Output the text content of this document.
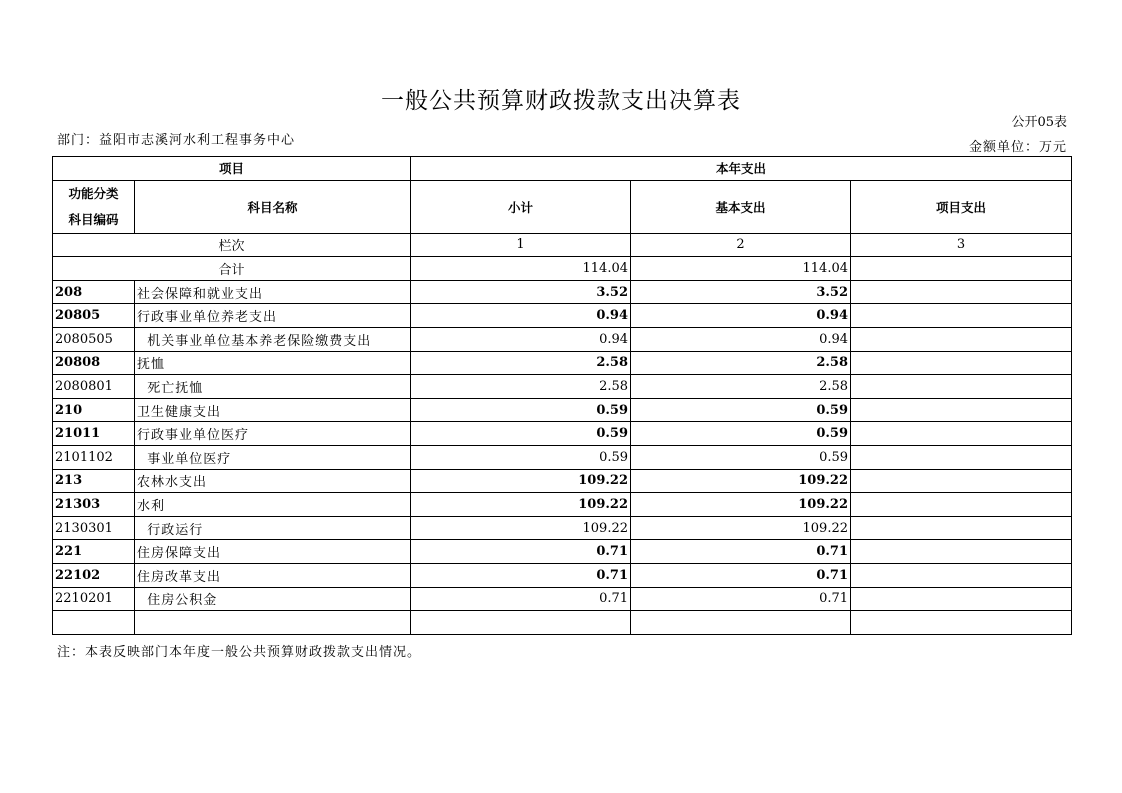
一般公共预算财政拨款支出决算表
公开05表
部门：益阳市志溪河水利工程事务中心	金额单位：万元
项目		本年支出		

功能分类
科目编码	科目名称	小计	基本支出	项目支出
栏次		1	2	3
合计		114.04	114.04	
208	社会保障和就业支出	3.52	3.52	
20805	行政事业单位养老支出	0.94	0.94	
2080505	机关事业单位基本养老保险缴费支出	0.94	0.94	
20808	抚恤	2.58	2.58	
2080801	死亡抚恤	2.58	2.58	
210	卫生健康支出	0.59	0.59	
21011	行政事业单位医疗	0.59	0.59	
2101102	事业单位医疗	0.59	0.59	
213	农林水支出	109.22	109.22	
21303	水利	109.22	109.22	
2130301	行政运行	109.22	109.22	
221	住房保障支出	0.71	0.71	
22102	住房改革支出	0.71	0.71	
2210201	住房公积金	0.71	0.71	

注：本表反映部门本年度一般公共预算财政拨款支出情况。
